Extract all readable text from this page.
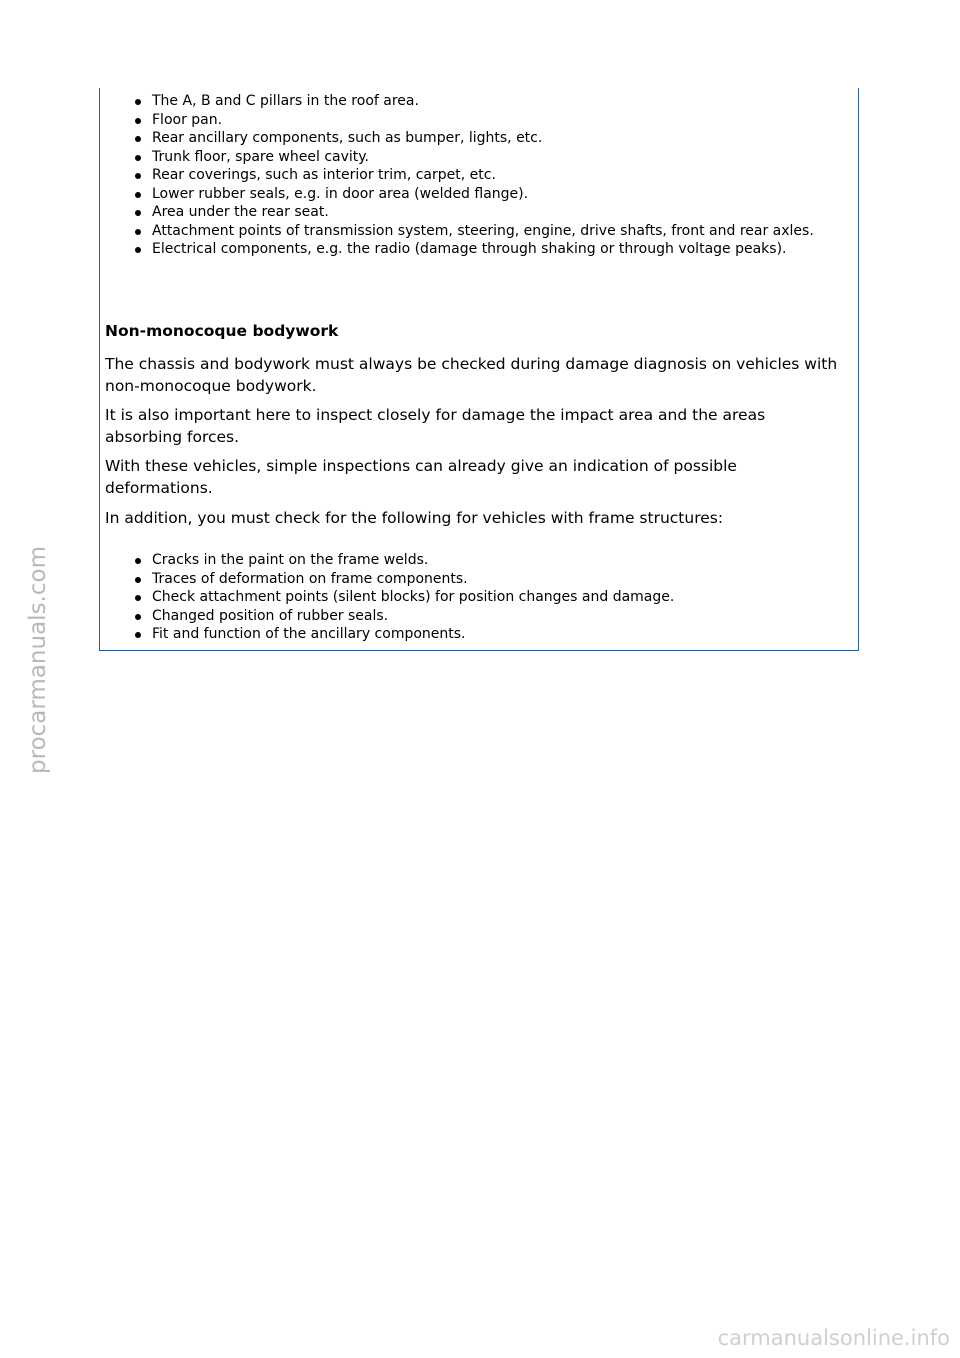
The A, B and C pillars in the roof area.
Floor pan.
Rear ancillary components, such as bumper, lights, etc.
Trunk floor, spare wheel cavity.
Rear coverings, such as interior trim, carpet, etc.
Lower rubber seals, e.g. in door area (welded flange).
Area under the rear seat.
Attachment points of transmission system, steering, engine, drive shafts, front and rear axles.
Electrical components, e.g. the radio (damage through shaking or through voltage peaks).
Non-monocoque bodywork

The chassis and bodywork must always be checked during damage diagnosis on vehicles with non-monocoque bodywork.

It is also important here to inspect closely for damage the impact area and the areas absorbing forces.

With these vehicles, simple inspections can already give an indication of possible deformations.

In addition, you must check for the following for vehicles with frame structures:

Cracks in the paint on the frame welds.
Traces of deformation on frame components.
Check attachment points (silent blocks) for position changes and damage.
Changed position of rubber seals.
Fit and function of the ancillary components.
procarmanuals.com
carmanualsonline.info
